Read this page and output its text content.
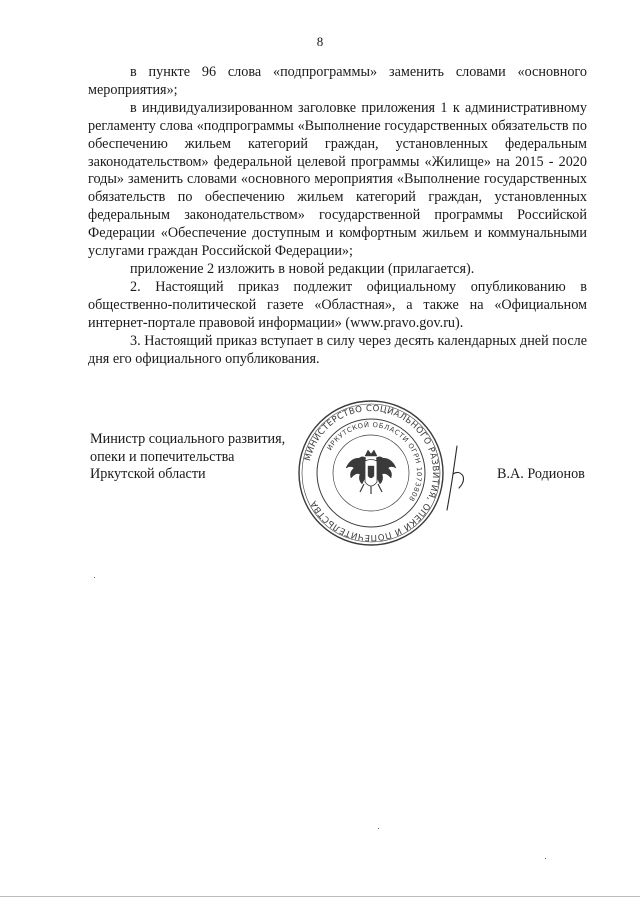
8

в пункте 96 слова «подпрограммы» заменить словами «основного мероприятия»;

в индивидуализированном заголовке приложения 1 к административному регламенту слова «подпрограммы «Выполнение государственных обязательств по обеспечению жильем категорий граждан, установленных федеральным законодательством» федеральной целевой программы «Жилище» на 2015 - 2020 годы» заменить словами «основного мероприятия «Выполнение государственных обязательств по обеспечению жильем категорий граждан, установленных федеральным законодательством» государственной программы Российской Федерации «Обеспечение доступным и комфортным жильем и коммунальными услугами граждан Российской Федерации»;

приложение 2 изложить в новой редакции (прилагается).

2. Настоящий приказ подлежит официальному опубликованию в общественно-политической газете «Областная», а также на «Официальном интернет-портале правовой информации» (www.pravo.gov.ru).

3. Настоящий приказ вступает в силу через десять календарных дней после дня его официального опубликования.

Министр социального развития,
опеки и попечительства
Иркутской области
МИНИСТЕРСТВО СОЦИАЛЬНОГО РАЗВИТИЯ, ОПЕКИ И ПОПЕЧИТЕЛЬСТВА
ИРКУТСКОЙ ОБЛАСТИ ОГРН 1073808
В.А. Родионов
